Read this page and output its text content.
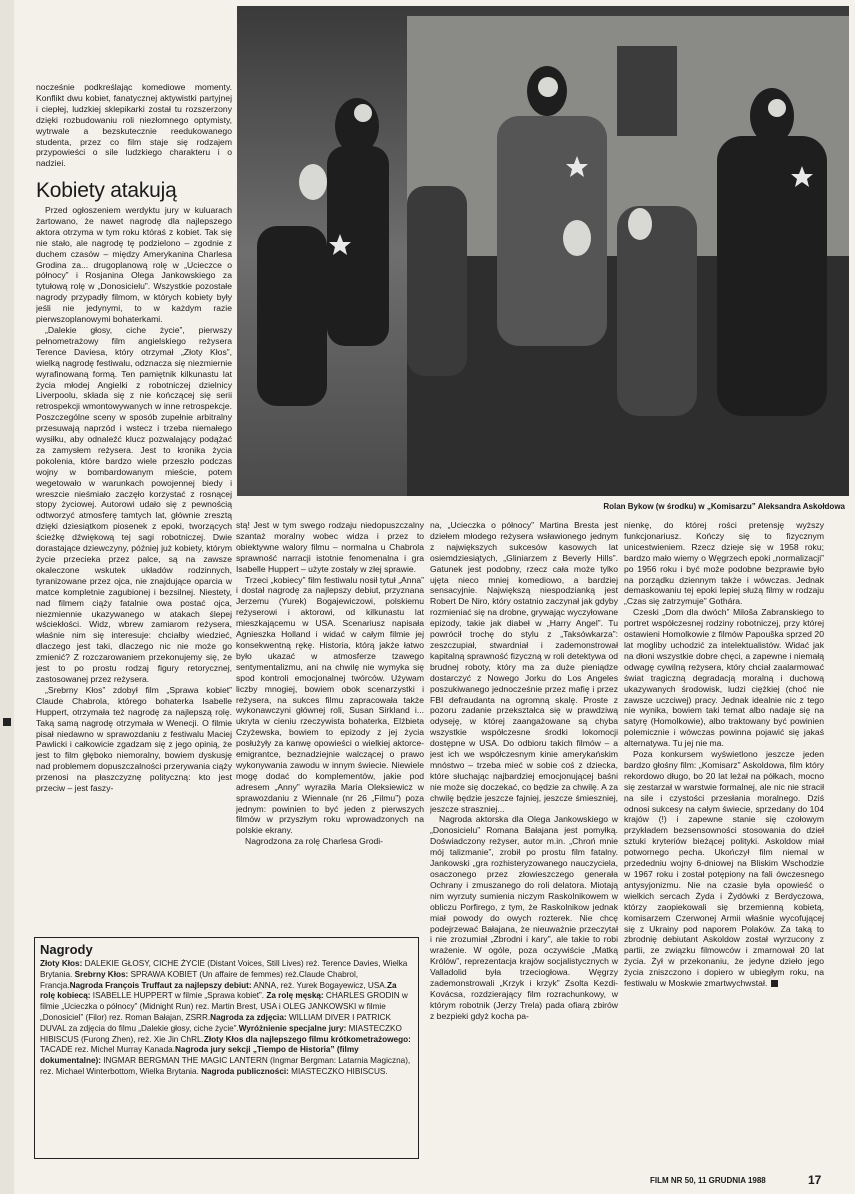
nocześnie podkreślając komediowe momenty. Konflikt dwu kobiet, fanatycznej aktywistki partyjnej i ciepłej, ludzkiej sklepikarki został tu rozszerzony dzięki rozbudowaniu roli niezłomnego optymisty, wytrwale a bezskutecznie reedukowanego studenta, przez co film staje się rodzajem przypowieści o sile ludzkiego charakteru i o nadziei.

Kobiety atakują

Przed ogłoszeniem werdyktu jury w kuluarach żartowano, że nawet nagrodę dla najlepszego aktora otrzyma w tym roku któraś z kobiet. Tak się nie stało, ale nagrodę tę podzielono – zgodnie z duchem czasów – między Amerykanina Charlesa Grodina za... drugoplanową rolę w „Ucieczce o północy” i Rosjanina Olega Jankowskiego za tytułową rolę w „Donosicielu”. Wszystkie pozostałe nagrody przypadły filmom, w których kobiety były jeśli nie jedynymi, to w każdym razie pierwszoplanowymi bohaterkami.

„Dalekie głosy, ciche życie”, pierwszy pełnometrażowy film angielskiego reżysera Terence Daviesa, który otrzymał „Złoty Kłos”, wielką nagrodę festiwalu, odznacza się niezmiernie wyrafinowaną formą. Ten pamiętnik kilkunastu lat życia młodej Angielki z robotniczej dzielnicy Liverpoolu, składa się z nie kończącej się serii retrospekcji wmontowywanych w inne retrospekcje. Poszczególne sceny w sposób zupełnie arbitralny przesuwają naprzód i wstecz i trzeba niemałego wysiłku, aby odnaleźć klucz pozwalający podążać za zamysłem reżysera. Jest to kronika życia pokolenia, które bardzo wiele przeszło podczas wojny w bombardowanym mieście, potem wegetowało w warunkach powojennej biedy i wreszcie nieśmiało zaczęło korzystać z rosnącej stopy życiowej. Autorowi udało się z pewnością odtworzyć atmosferę tamtych lat, głównie zresztą dzięki dziesiątkom piosenek z epoki, tworzących ścieżkę dźwiękową tej sagi robotniczej. Dwie dorastające dziewczyny, później już kobiety, którym życie przecieka przez palce, są na zawsze okaleczone wskutek układów rodzinnych, tyranizowane przez ojca, nie znajdujące oparcia w matce kompletnie zagubionej i bezsilnej. Niestety, nad filmem ciąży fatalnie owa postać ojca, niezmiennie ukazywanego w atakach ślepej wściekłości. Widz, wbrew zamiarom reżysera, właśnie nim się interesuje: chciałby wiedzieć, dlaczego jest taki, dlaczego nic nie może go zmienić? Z rozczarowaniem przekonujemy się, że jest to po prostu rodzaj figury retorycznej, zastosowanej przez reżysera.

„Srebrny Kłos” zdobył film „Sprawa kobiet” Claude Chabrola, którego bohaterka Isabelle Huppert, otrzymała też nagrodę za najlepszą rolę. Taką samą nagrodę otrzymała w Wenecji. O filmie pisał niedawno w sprawozdaniu z festiwalu Maciej Pawlicki i całkowicie zgadzam się z jego opinią, że jest to film głęboko niemoralny, bowiem dyskusję nad problemem dopuszczalności przerywania ciąży przenosi na płaszczyznę polityczną: kto jest przeciw – jest faszy-

Rolan Bykow (w środku) w „Komisarzu” Aleksandra Askołdowa

stą! Jest w tym swego rodzaju niedopuszczalny szantaż moralny wobec widza i przez to obiektywne walory filmu – normalna u Chabrola sprawność narracji istotnie fenomenalna i gra Isabelle Huppert – użyte zostały w złej sprawie.

Trzeci „kobiecy” film festiwalu nosił tytuł „Anna” i dostał nagrodę za najlepszy debiut, przyznana Jerzemu (Yurek) Bogajewiczowi, polskiemu reżyserowi i aktorowi, od kilkunastu lat mieszkającemu w USA. Scenariusz napisała Agnieszka Holland i widać w całym filmie jej konsekwentną rękę. Historia, którą jakże łatwo było ukazać w atmosferze tzawego sentymentalizmu, ani na chwilę nie wymyka się spod kontroli emocjonalnej twórców. Używam liczby mnogiej, bowiem obok scenarzystki i reżysera, na sukces filmu zapracowała także wykonawczyni głównej roli, Susan Sirkland i... ukryta w cieniu rzeczywista bohaterka, Elżbieta Czyżewska, bowiem to epizody z jej życia posłużyły za kanwę opowieści o wielkiej aktorce-emigrantce, beznadziejnie walczącej o prawo wykonywania zawodu w innym świecie. Niewiele mogę dodać do komplementów, jakie pod adresem „Anny” wyraziła Maria Oleksiewicz w sprawozdaniu z Wiennale (nr 26 „Filmu”) poza jednym: powinien to być jeden z pierwszych filmów w przyszłym roku wprowadzonych na polskie ekrany.

Nagrodzona za rolę Charlesa Grodi-

na, „Ucieczka o północy” Martina Bresta jest dziełem młodego reżysera wsławionego jednym z największych sukcesów kasowych lat osiemdziesiątych, „Gliniarzem z Beverly Hills”. Gatunek jest podobny, rzecz cała może tylko ujęta nieco mniej komediowo, a bardziej sensacyjnie. Największą niespodzianką jest Robert De Niro, który ostatnio zaczynał jak gdyby rozmieniać się na drobne, grywając wyczyłowane epizody, takie jak diabeł w „Harry Angel”. Tu powrócił trochę do stylu z „Taksówkarza”: zeszczupiał, stwardniał i zademonstrował kapitalną sprawność fizyczną w roli detektywa od brudnej roboty, który ma za duże pieniądze dostarczyć z Nowego Jorku do Los Angeles poszukiwanego jednocześnie przez mafię i przez FBI defraudanta na ogromną skalę. Proste z pozoru zadanie przekształca się w prawdziwą odyseję, w której zaangażowane są chyba wszystkie współczesne środki lokomocji dostępne w USA. Do odbioru takich filmów – a jest ich we współczesnym kinie amerykańskim mnóstwo – trzeba mieć w sobie coś z dziecka, które słuchając najbardziej emocjonującej baśni nie może się doczekać, co będzie za chwilę. A za chwilę będzie jeszcze fajniej, jeszcze śmieszniej, jeszcze straszniej...

Nagroda aktorska dla Olega Jankowskiego w „Donosicielu” Romana Bałajana jest pomyłką. Doświadczony reżyser, autor m.in. „Chroń mnie mój talizmanie”, zrobił po prostu film fatalny. Jankowski „gra rozhisteryzowanego nauczyciela, osaczonego przez złowieszczego generała Ochrany i zmuszanego do roli delatora. Miotają nim wyrzuty sumienia niczym Raskolnikowem w obliczu Porfirego, z tym, że Raskolnikow jednak miał powody do owych rozterek. Nie chcę podejrzewać Bałajana, że nieuważnie przeczytał i nie zrozumiał „Zbrodni i kary”, ale takie to robi wrażenie. W ogóle, poza oczywiście „Matką Królów”, reprezentacja krajów socjalistycznych w Valladolid była trzeciogłowa. Węgrzy zademonstrowali „Krzyk i krzyk” Zsolta Kezdi-Kovácsa, rozdzierający film rozrachunkowy, w którym robotnik (Jerzy Trela) pada ofiarą zbirów z bezpieki gdyż kocha pa-

nienkę, do której rości pretensję wyższy funkcjonariusz. Kończy się to fizycznym unicestwieniem. Rzecz dzieje się w 1958 roku; bardzo mało wiemy o Węgrzech epoki „normalizacji” po 1956 roku i być może podobne bezprawie było na porządku dziennym także i wówczas. Jednak demaskowaniu tej epoki lepiej służą filmy w rodzaju „Czas się zatrzymuje” Gothára.

Czeski „Dom dla dwóch” Miloša Zabranskiego to portret współczesnej rodziny robotniczej, przy której ostawieni Homolkowie z filmów Papouška sprzed 20 lat mogliby uchodzić za intelektualistów. Widać jak na dłoni wszystkie dobre chęci, a zapewne i niemałą odwagę cywilną reżysera, który chciał zaalarmować świat tragiczną degradacją moralną i duchową ukazywanych środowisk, ludzi ciężkiej (choć nie zawsze uczciwej) pracy. Jednak idealnie nic z tego nie wynika, bowiem taki temat albo nadaje się na satyrę (Homolkowie), albo traktowany być powinien polemicznie i wówczas powinna pojawić się jakaś alternatywa. Tu jej nie ma.

Poza konkursem wyświetlono jeszcze jeden bardzo głośny film: „Komisarz” Askoldowa, film który rekordowo długo, bo 20 lat leżał na półkach, mocno się zestarzał w warstwie formalnej, ale nic nie stracił na sile i czystości przesłania moralnego. Dziś odnosi sukcesy na całym świecie, sprzedany do 104 krajów (!) i zapewne stanie się czołowym przykładem bezsensowności stosowania do dzieł sztuki kryteriów bieżącej polityki. Askoldow miał potwornego pecha. Ukończył film niemal w przededniu wojny 6-dniowej na Bliskim Wschodzie w 1967 roku i został potępiony na fali ówczesnego antysyjonizmu. Nie na czasie była opowieść o wielkich sercach Żyda i Żydówki z Berdyczowa, którzy zaopiekowali się brzemienną kobietą, komisarzem Czerwonej Armii właśnie wycofującej się z Ukrainy pod naporem Polaków. Za taką to zbrodnię debiutant Askoldow został wyrzucony z partii, ze związku filmowców i zmarnował 20 lat życia. Żył w przekonaniu, że jedyne dzieło jego życia zniszczono i dopiero w ubiegłym roku, na festiwalu w Moskwie zmartwychwstał.

Nagrody

Złoty Kłos: DALEKIE GŁOSY, CICHE ŻYCIE (Distant Voices, Still Lives) reż. Terence Davies, Wielka Brytania. Srebrny Kłos: SPRAWA KOBIET (Un affaire de femmes) reż.Claude Chabrol, Francja.Nagroda François Truffaut za najlepszy debiut: ANNA, reż. Yurek Bogayewicz, USA.Za rolę kobiecą: ISABELLE HUPPERT w filmie „Sprawa kobiet”. Za rolę męską: CHARLES GRODIN w filmie „Ucieczka o północy” (Midnight Run) rez. Martin Brest, USA i OLEG JANKOWSKI w filmie „Donosiciel” (Filor) rez. Roman Bałajan, ZSRR.Nagroda za zdjęcia: WILLIAM DIVER I PATRICK DUVAL za zdjęcia do filmu „Dalekie głosy, ciche życie”.Wyróżnienie specjalne jury: MIASTECZKO HIBISCUS (Furong Zhen), reż. Xie Jin ChRL.Złoty Kłos dla najlepszego filmu krótkometrażowego: TACADE rez. Michel Murray Kanada.Nagroda jury sekcji „Tiempo de Historia” (filmy dokumentalne): INGMAR BERGMAN THE MAGIC LANTERN (Ingmar Bergman: Latarnia Magiczna), rez. Michael Winterbottom, Wielka Brytania. Nagroda publiczności: MIASTECZKO HIBISCUS.

FILM NR 50, 11 GRUDNIA 1988	17
